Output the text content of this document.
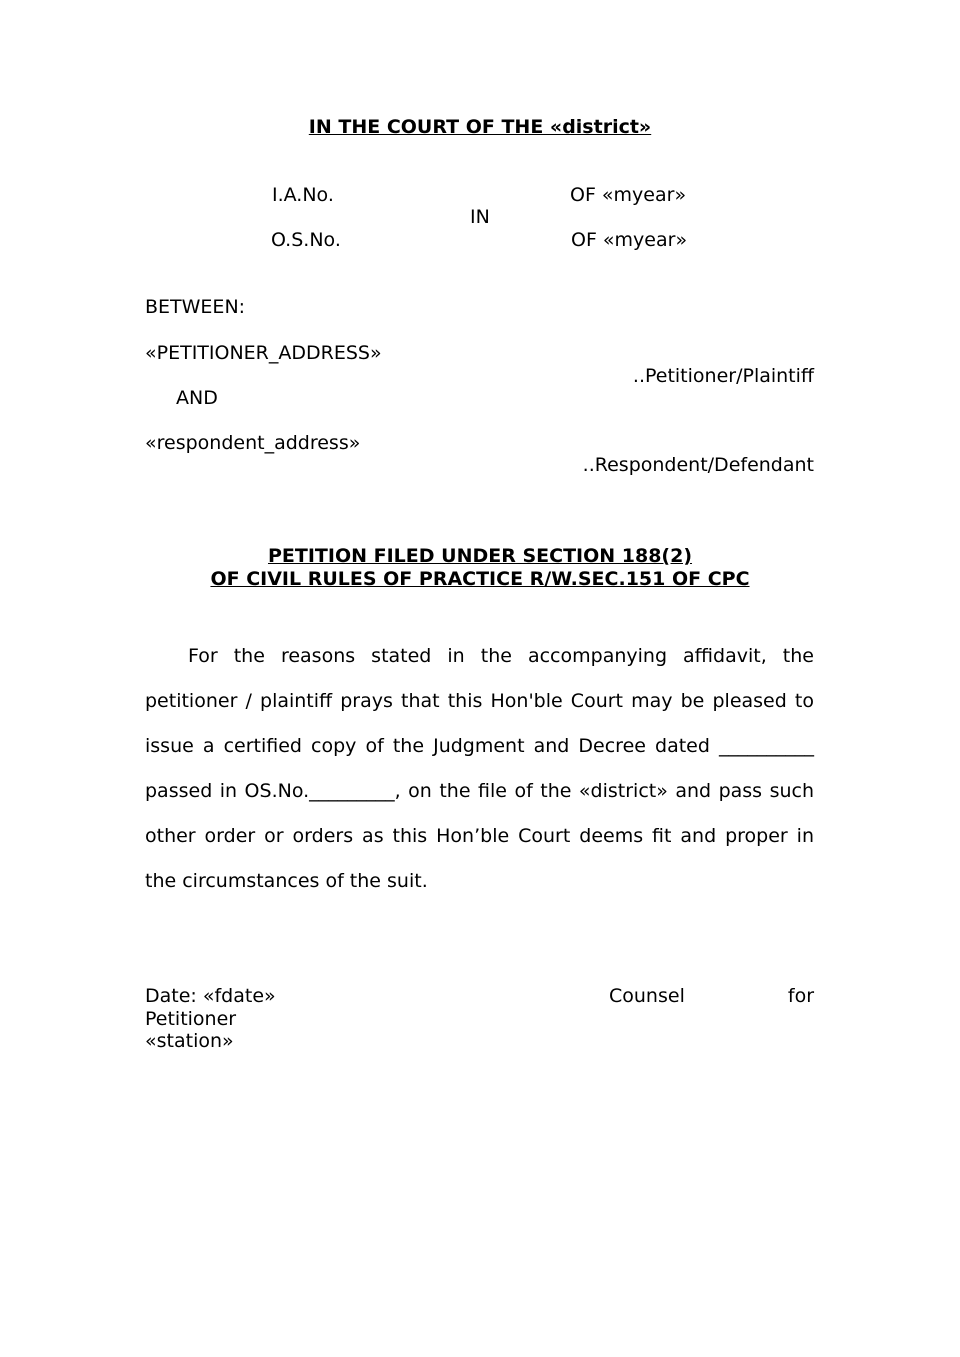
IN THE COURT OF THE «district»
I.A.No.
IN
O.S.No.
OF «myear»
OF «myear»
BETWEEN:
«PETITIONER_ADDRESS»
..Petitioner/Plaintiff
AND
«respondent_address»
..Respondent/Defendant
PETITION FILED UNDER SECTION 188(2)
OF CIVIL RULES OF PRACTICE R/W.SEC.151 OF CPC
For the reasons stated in the accompanying affidavit, the petitioner / plaintiff prays that this Hon'ble Court may be pleased to issue a certified copy of the Judgment and Decree dated __________ passed in OS.No._________, on the file of the «district» and pass such other order or orders as this Hon’ble Court deems fit and proper in the circumstances of the suit.
Date: «fdate»	Counsel	for
Petitioner
«station»
